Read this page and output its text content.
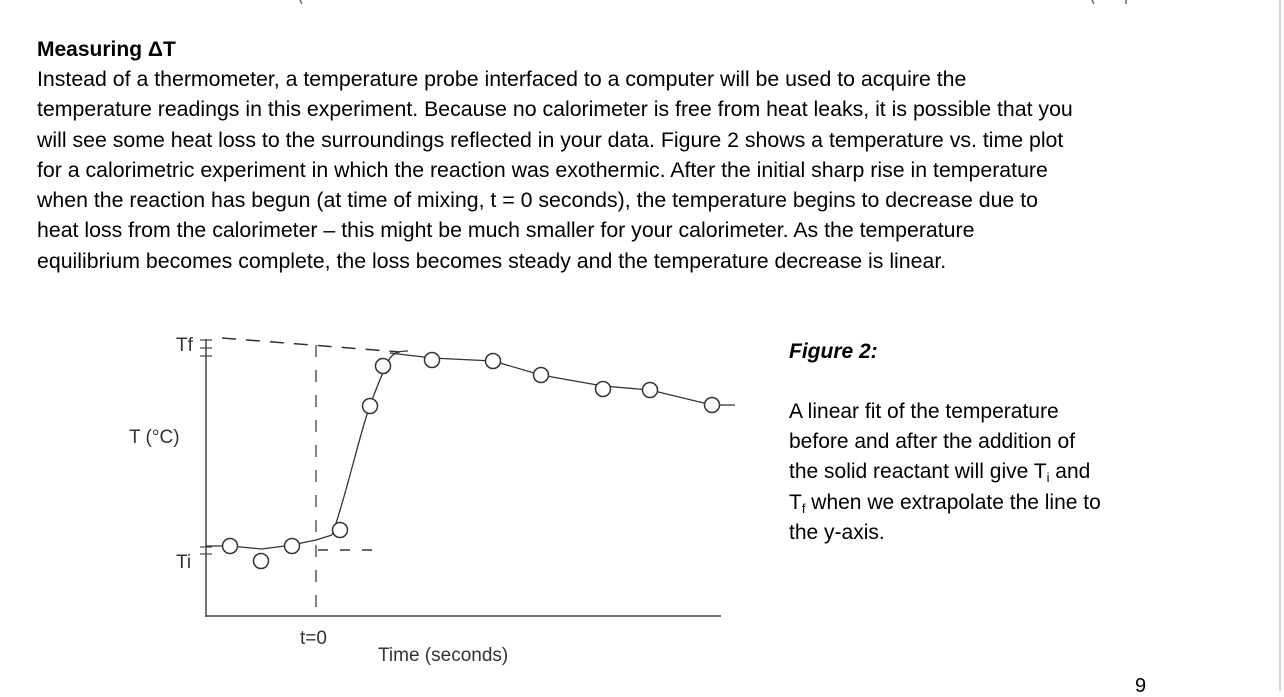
Measuring ΔT
Instead of a thermometer, a temperature probe interfaced to a computer will be used to acquire the
temperature readings in this experiment. Because no calorimeter is free from heat leaks, it is possible that you
will see some heat loss to the surroundings reflected in your data. Figure 2 shows a temperature vs. time plot
for a calorimetric experiment in which the reaction was exothermic. After the initial sharp rise in temperature
when the reaction has begun (at time of mixing, t = 0 seconds), the temperature begins to decrease due to
heat loss from the calorimeter – this might be much smaller for your calorimeter. As the temperature
equilibrium becomes complete, the loss becomes steady and the temperature decrease is linear.
Tf
T (°C)
Ti
t=0
Time (seconds)
Figure 2:
A linear fit of the temperature
before and after the addition of
the solid reactant will give $T_i$ and
$T_f$ when we extrapolate the line to
the y-axis.
9
